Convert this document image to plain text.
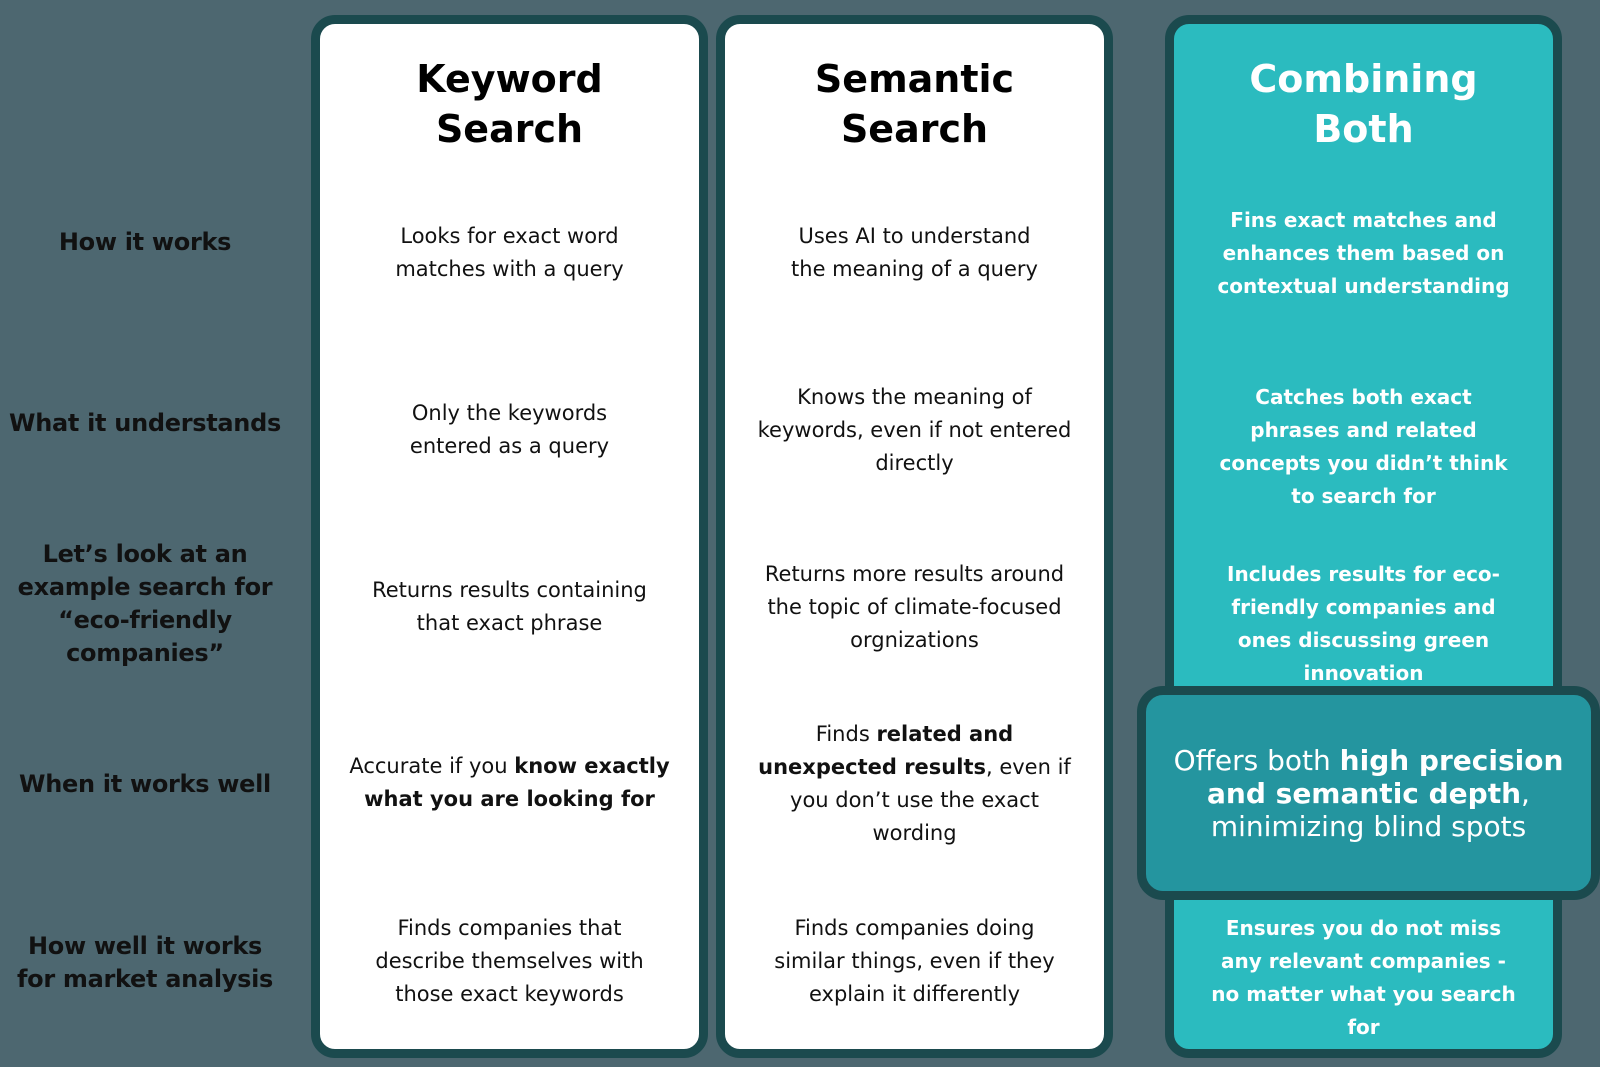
How it works
What it understands
Let’s look at an example search for “eco-friendly companies”
When it works well
How well it works for market analysis
Keyword
Search
Looks for exact word matches with a query
Only the keywords entered as a query
Returns results containing that exact phrase
Accurate if you know exactly what you are looking for
Finds companies that describe themselves with those exact keywords
Semantic
Search
Uses AI to understand the meaning of a query
Knows the meaning of keywords, even if not entered directly
Returns more results around the topic of climate-focused orgnizations
Finds related and unexpected results, even if you don’t use the exact wording
Finds companies doing similar things, even if they explain it differently
Combining
Both
Fins exact matches and enhances them based on contextual understanding
Catches both exact phrases and related concepts you didn’t think to search for
Includes results for eco-friendly companies and ones discussing green innovation
Ensures you do not miss any relevant companies - no matter what you search for
Offers both high precision and semantic depth, minimizing blind spots
